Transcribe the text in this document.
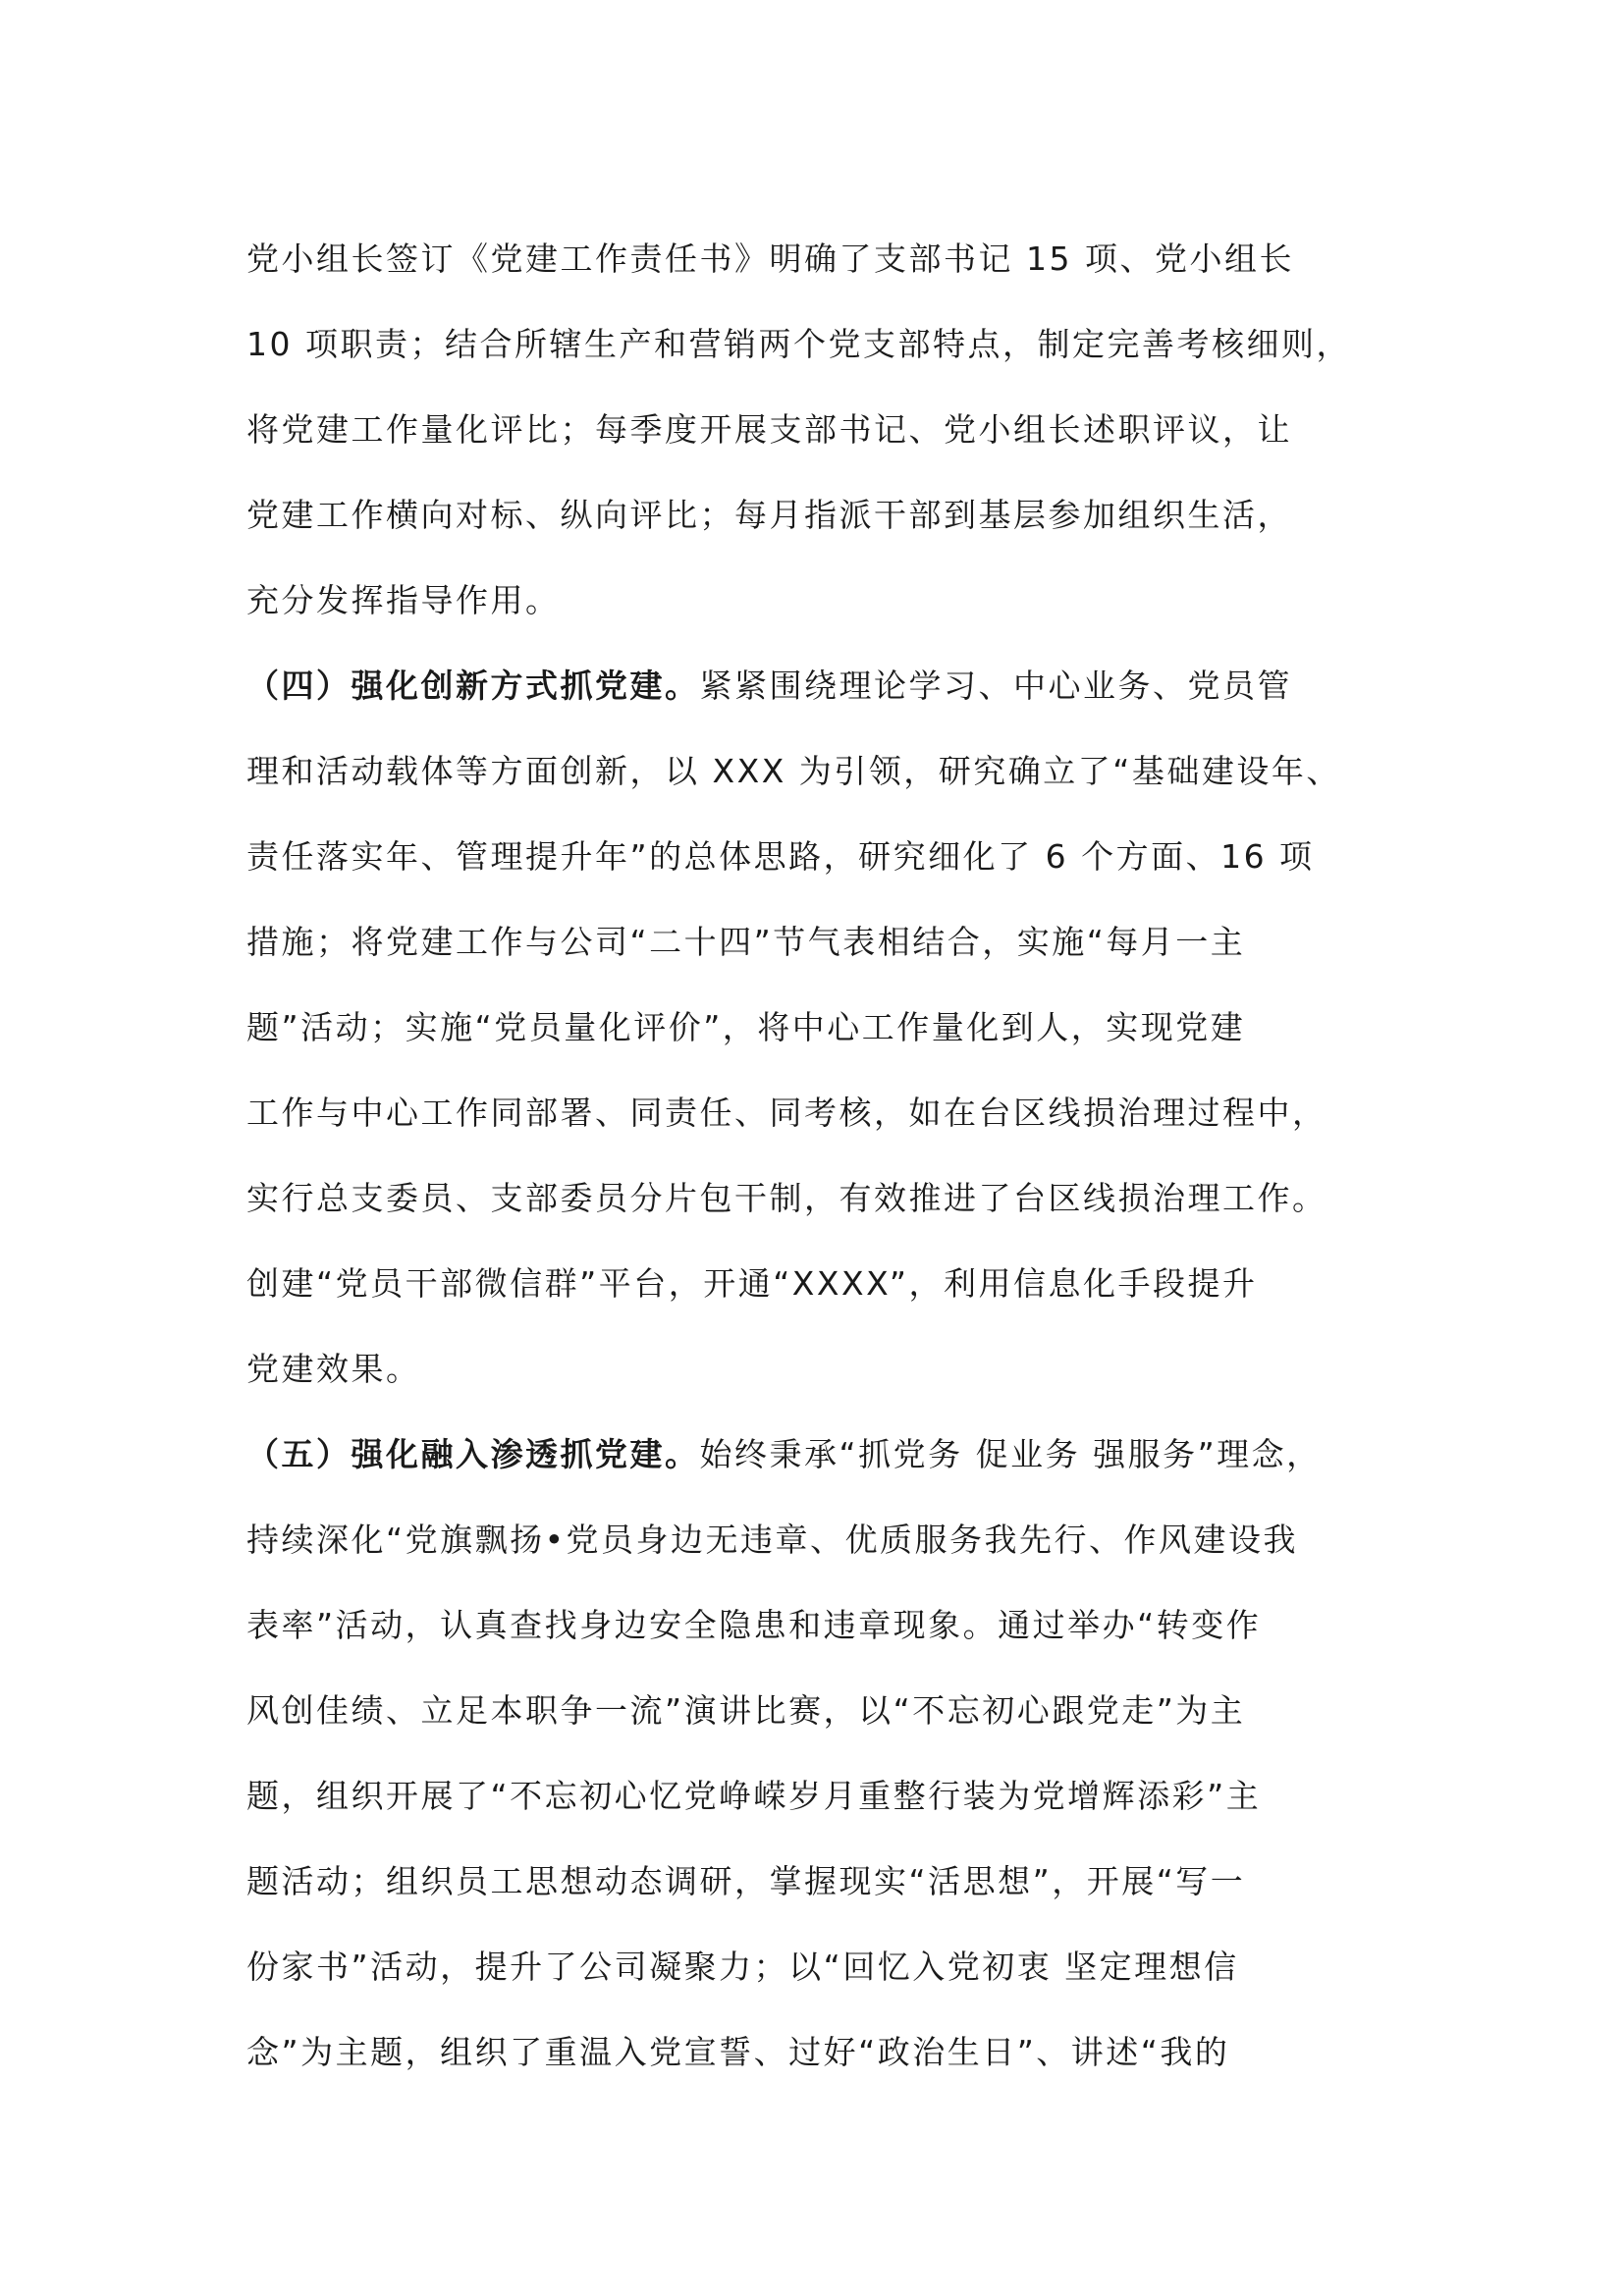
党小组长签订《党建工作责任书》明确了支部书记 15 项、党小组长
10 项职责；结合所辖生产和营销两个党支部特点，制定完善考核细则，
将党建工作量化评比；每季度开展支部书记、党小组长述职评议，让
党建工作横向对标、纵向评比；每月指派干部到基层参加组织生活，
充分发挥指导作用。
（四）强化创新方式抓党建。紧紧围绕理论学习、中心业务、党员管
理和活动载体等方面创新，以 XXX 为引领，研究确立了“基础建设年、
责任落实年、管理提升年”的总体思路，研究细化了 6 个方面、16 项
措施；将党建工作与公司“二十四”节气表相结合，实施“每月一主
题”活动；实施“党员量化评价”，将中心工作量化到人，实现党建
工作与中心工作同部署、同责任、同考核，如在台区线损治理过程中，
实行总支委员、支部委员分片包干制，有效推进了台区线损治理工作。
创建“党员干部微信群”平台，开通“XXXX”，利用信息化手段提升
党建效果。
（五）强化融入渗透抓党建。始终秉承“抓党务 促业务 强服务”理念，
持续深化“党旗飘扬•党员身边无违章、优质服务我先行、作风建设我
表率”活动，认真查找身边安全隐患和违章现象。通过举办“转变作
风创佳绩、立足本职争一流”演讲比赛，以“不忘初心跟党走”为主
题，组织开展了“不忘初心忆党峥嵘岁月重整行装为党增辉添彩”主
题活动；组织员工思想动态调研，掌握现实“活思想”，开展“写一
份家书”活动，提升了公司凝聚力；以“回忆入党初衷 坚定理想信
念”为主题，组织了重温入党宣誓、过好“政治生日”、讲述“我的
